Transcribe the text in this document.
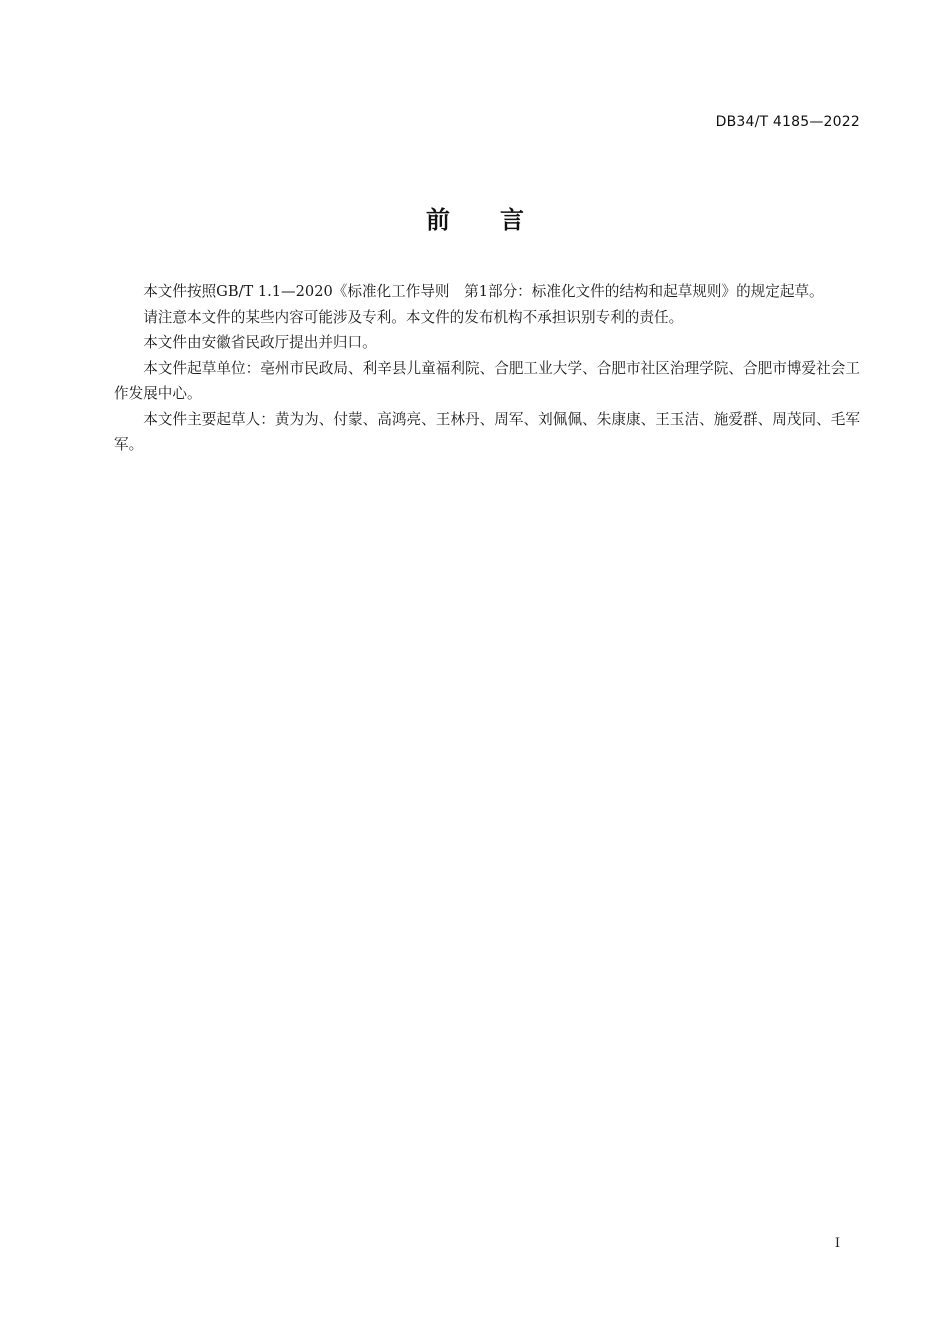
DB34/T 4185—2022
前言

本文件按照GB/T 1.1—2020《标准化工作导则　第1部分：标准化文件的结构和起草规则》的规定起草。

请注意本文件的某些内容可能涉及专利。本文件的发布机构不承担识别专利的责任。

本文件由安徽省民政厅提出并归口。

本文件起草单位：亳州市民政局、利辛县儿童福利院、合肥工业大学、合肥市社区治理学院、合肥市博爱社会工作发展中心。

本文件主要起草人：黄为为、付蒙、高鸿亮、王林丹、周军、刘佩佩、朱康康、王玉洁、施爱群、周茂同、毛军军。

I
